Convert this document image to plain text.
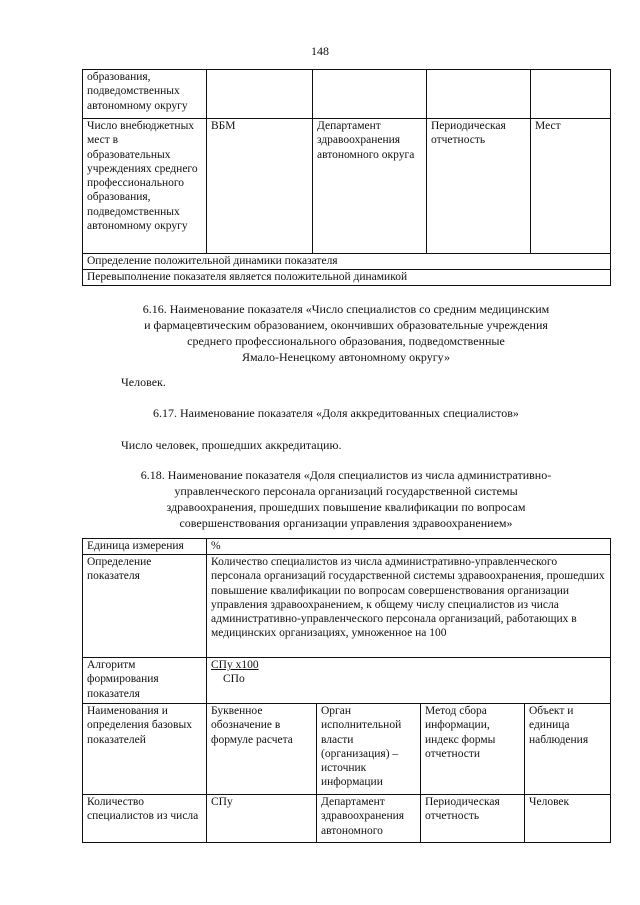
148
образования, подведомственных автономному округу				
Число внебюджетных мест в образовательных учреждениях среднего профессионального образования, подведомственных автономному округу	ВБМ	Департамент здравоохранения автономного округа	Периодическая отчетность	Мест
Определение положительной динамики показателя				
Перевыполнение показателя является положительной динамикой				
6.16. Наименование показателя «Число специалистов со средним медицинским
и фармацевтическим образованием, окончивших образовательные учреждения
среднего профессионального образования, подведомственные
Ямало-Ненецкому автономному округу»
Человек.
6.17. Наименование показателя «Доля аккредитованных специалистов»
Число человек, прошедших аккредитацию.
6.18. Наименование показателя «Доля специалистов из числа административно-
управленческого персонала организаций государственной системы
здравоохранения, прошедших повышение квалификации по вопросам
совершенствования организации управления здравоохранением»
Единица измерения	%			
Определение показателя	Количество специалистов из числа административно-управленческого персонала организаций государственной системы здравоохранения, прошедших повышение квалификации по вопросам совершенствования организации управления здравоохранением, к общему числу специалистов из числа административно-управленческого персонала организаций, работающих в медицинских организациях, умноженное на 100			
Алгоритм формирования показателя	СПу х100
СПо			

Наименования и определения базовых показателей	Буквенное обозначение в формуле расчета	Орган исполнительной власти (организация) – источник информации	Метод сбора информации, индекс формы отчетности	Объект и единица наблюдения
Количество специалистов из числа	СПу	Департамент здравоохранения автономного	Периодическая отчетность	Человек
